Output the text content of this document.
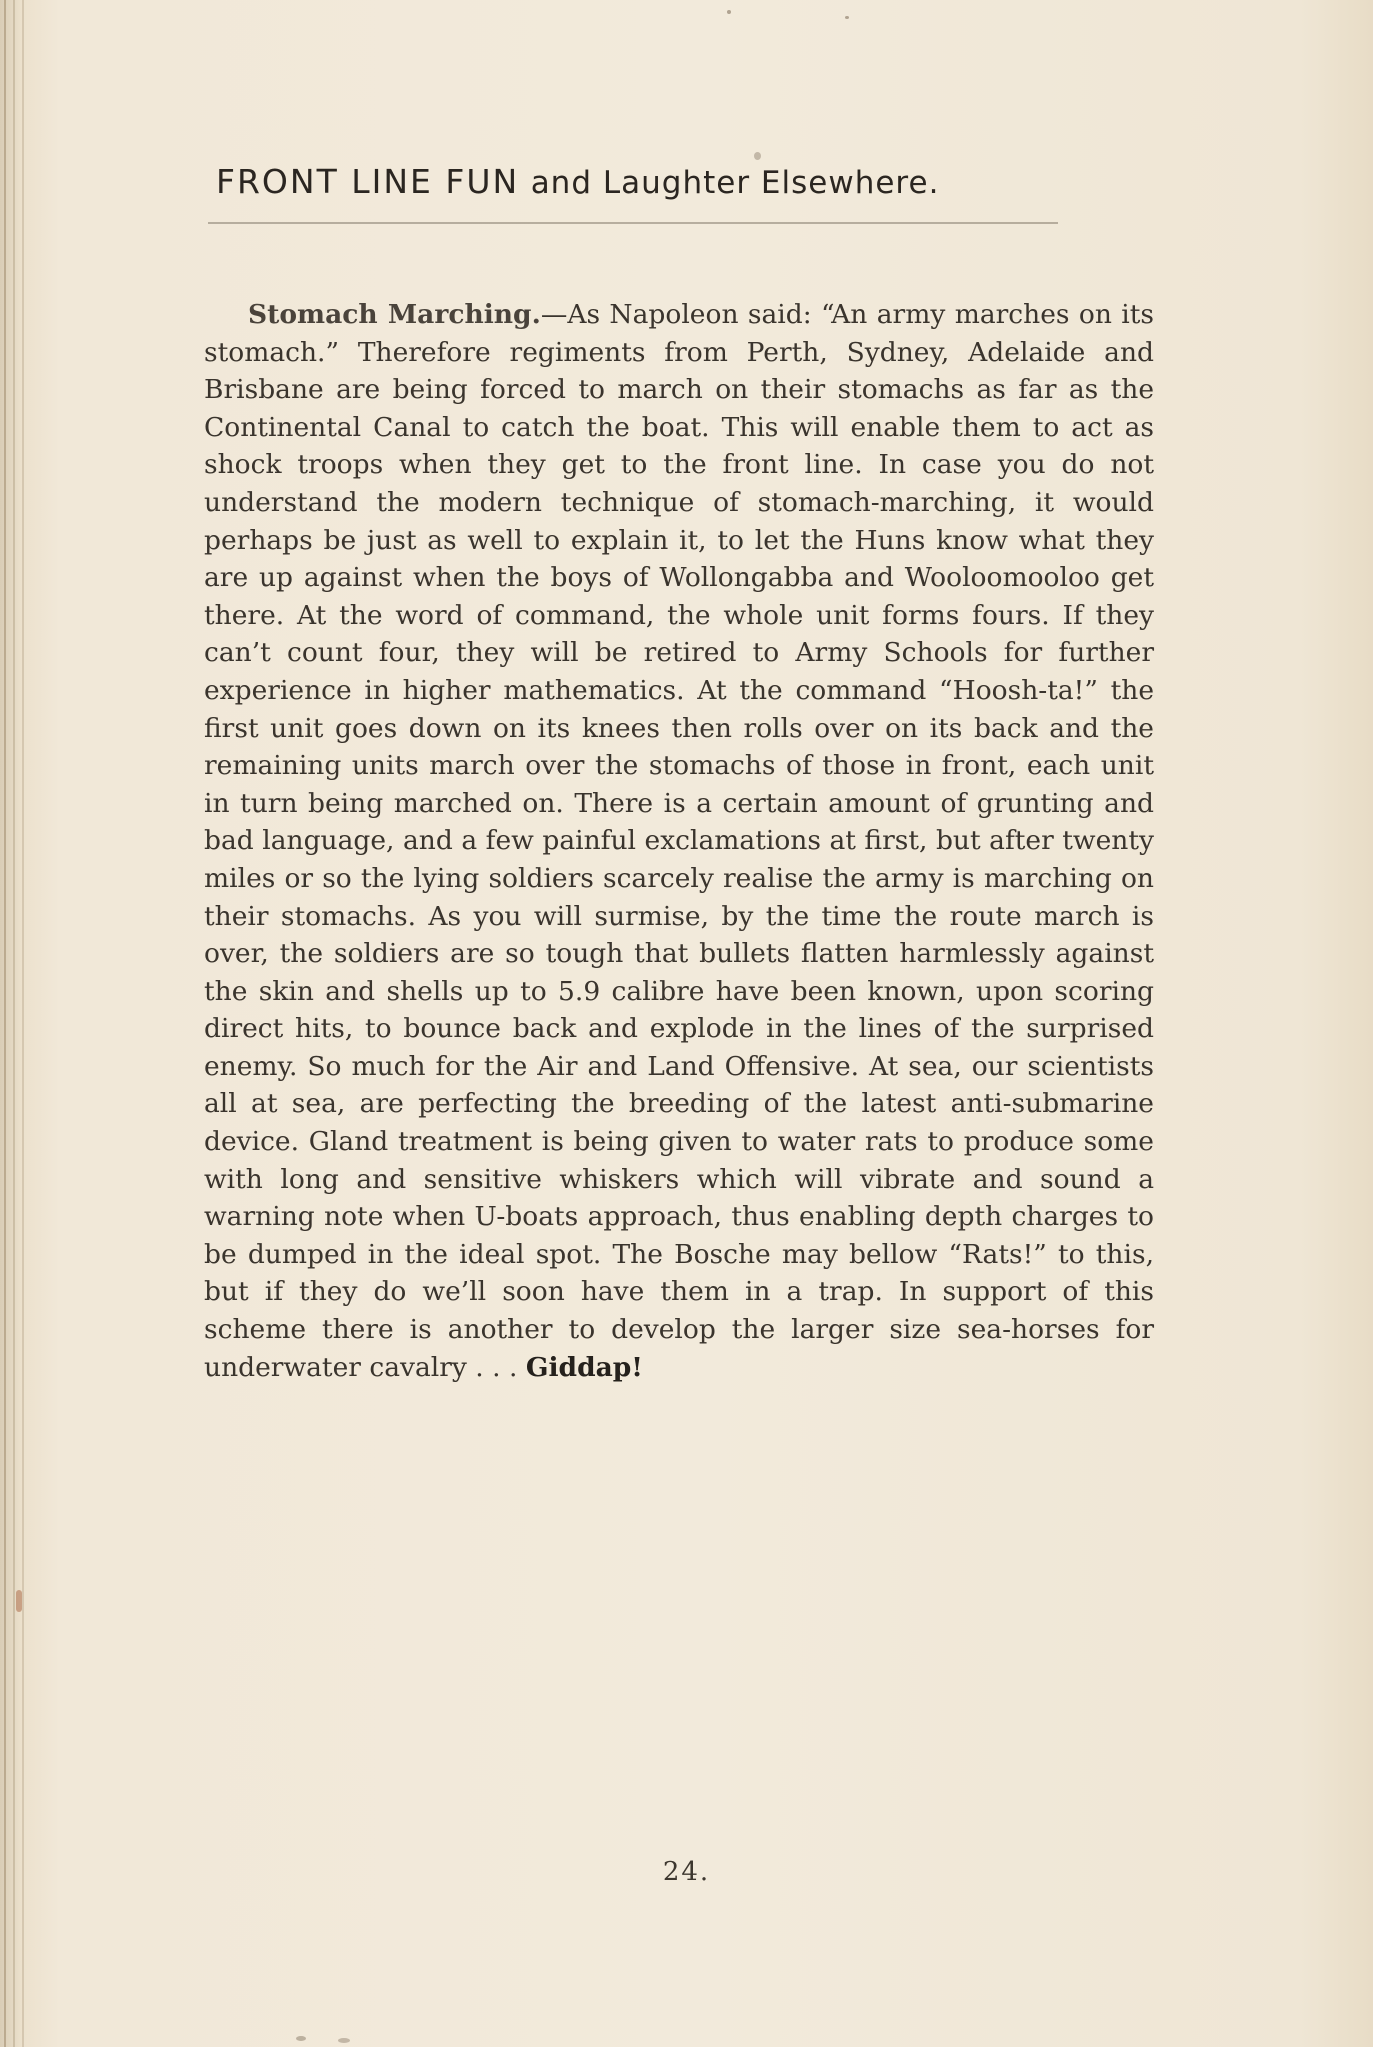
FRONT LINE FUN and Laughter Elsewhere.

Stomach Marching.—As Napoleon said: “An army marches on its stomach.” Therefore regiments from Perth, Sydney, Adelaide and Brisbane are being forced to march on their stomachs as far as the Continental Canal to catch the boat. This will enable them to act as shock troops when they get to the front line. In case you do not understand the modern technique of stomach-marching, it would perhaps be just as well to explain it, to let the Huns know what they are up against when the boys of Wollongabba and Wooloomooloo get there. At the word of command, the whole unit forms fours. If they can’t count four, they will be retired to Army Schools for further experience in higher mathematics. At the command “Hoosh-ta!” the first unit goes down on its knees then rolls over on its back and the remaining units march over the stomachs of those in front, each unit in turn being marched on. There is a certain amount of grunting and bad language, and a few painful exclamations at first, but after twenty miles or so the lying soldiers scarcely realise the army is marching on their stomachs. As you will surmise, by the time the route march is over, the soldiers are so tough that bullets flatten harmlessly against the skin and shells up to 5.9 calibre have been known, upon scoring direct hits, to bounce back and explode in the lines of the surprised enemy. So much for the Air and Land Offensive. At sea, our scientists all at sea, are perfecting the breeding of the latest anti-submarine device. Gland treatment is being given to water rats to produce some with long and sensitive whiskers which will vibrate and sound a warning note when U-boats approach, thus enabling depth charges to be dumped in the ideal spot. The Bosche may bellow “Rats!” to this, but if they do we’ll soon have them in a trap. In support of this scheme there is another to develop the larger size sea-horses for underwater cavalry . . . Giddap!

24.
